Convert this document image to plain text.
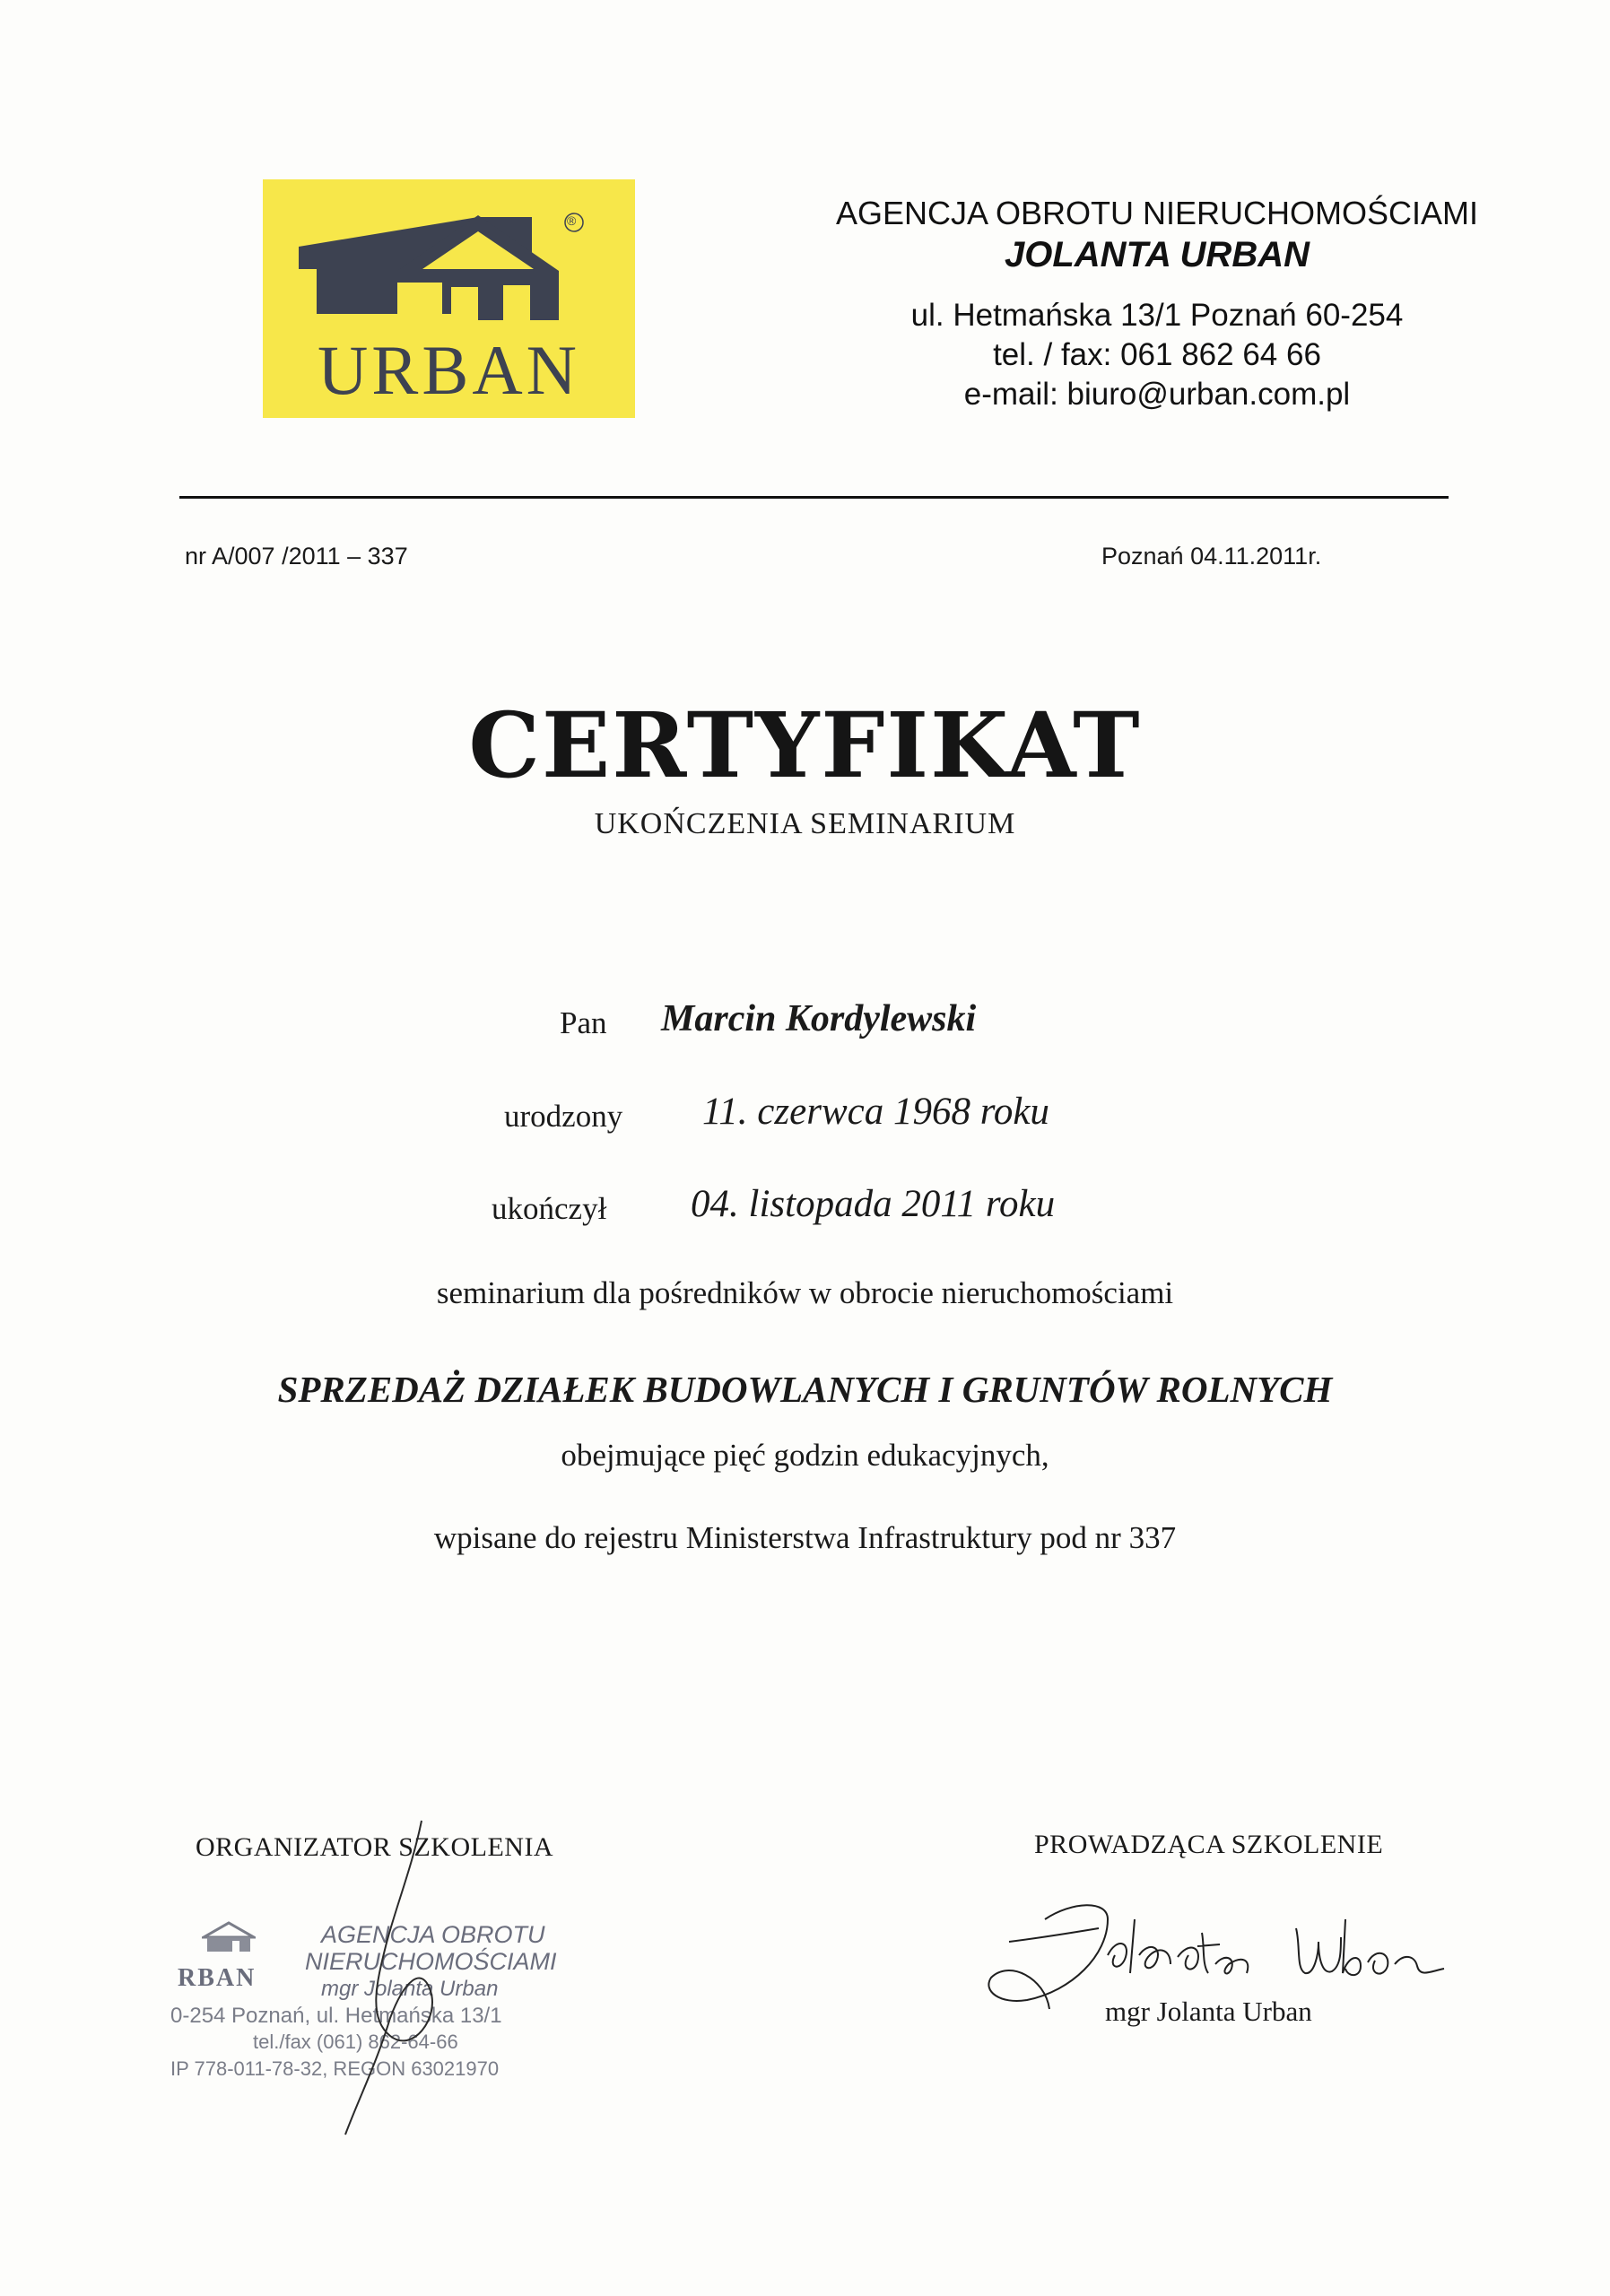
®
URBAN
AGENCJA OBROTU NIERUCHOMOŚCIAMI
JOLANTA URBAN
ul. Hetmańska 13/1 Poznań 60-254
tel. / fax: 061 862 64 66
e-mail: biuro@urban.com.pl
nr A/007 /2011 – 337	Poznań 04.11.2011r.
CERTYFIKAT
UKOŃCZENIA SEMINARIUM
Pan Marcin Kordylewski
urodzony 11. czerwca 1968 roku
ukończył 04. listopada 2011 roku
seminarium dla pośredników w obrocie nieruchomościami
SPRZEDAŻ DZIAŁEK BUDOWLANYCH I GRUNTÓW ROLNYCH
obejmujące pięć godzin edukacyjnych,
wpisane do rejestru Ministerstwa Infrastruktury pod nr 337
ORGANIZATOR SZKOLENIA
RBAN
AGENCJA OBROTU
NIERUCHOMOŚCIAMI
mgr Jolanta Urban
0-254 Poznań, ul. Hetmańska 13/1
tel./fax (061) 862-64-66
IP 778-011-78-32, REGON 63021970
PROWADZĄCA SZKOLENIE
mgr Jolanta Urban
